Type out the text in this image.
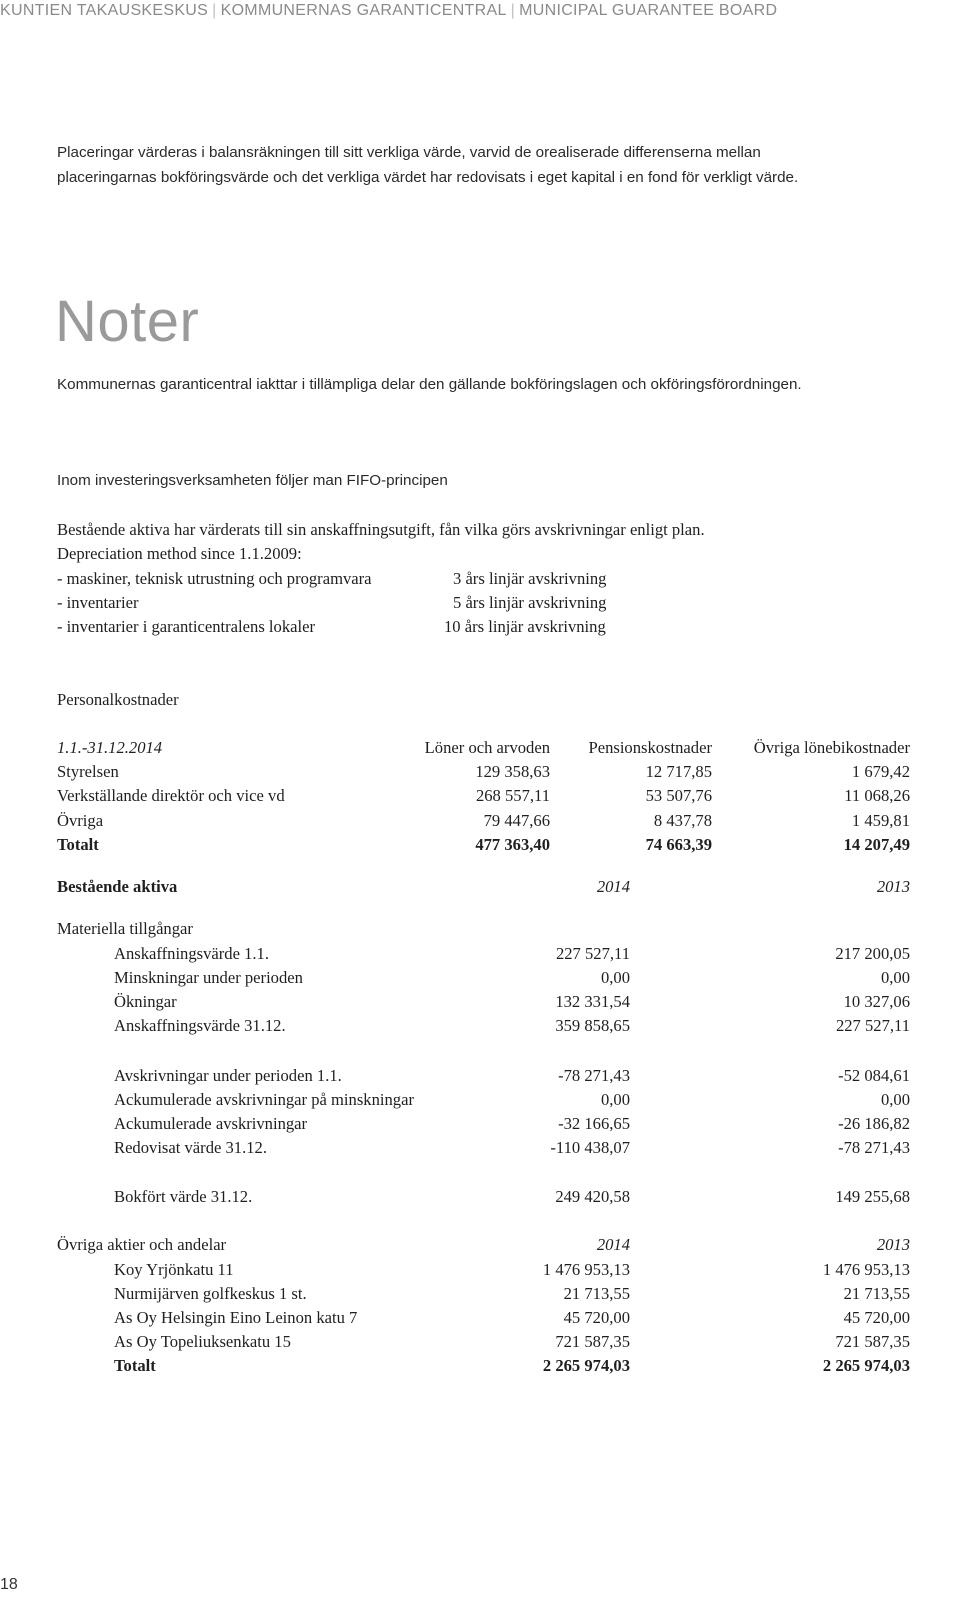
KUNTIEN TAKAUSKESKUS | KOMMUNERNAS GARANTICENTRAL | MUNICIPAL GUARANTEE BOARD
Noter
Kommunernas garanticentral iakttar i tillämpliga delar den gällande bokföringslagen och okföringsförordningen.
Placeringar värderas i balansräkningen till sitt verkliga värde, varvid de orealiserade differenserna mellan
placeringarnas bokföringsvärde och det verkliga värdet har redovisats i eget kapital i en fond för verkligt värde.
Inom investeringsverksamheten följer man FIFO-principen
Bestående aktiva har värderats till sin anskaffningsutgift, fån vilka görs avskrivningar enligt plan.
Depreciation method since 1.1.2009:
- maskiner, teknisk utrustning och programvara	3 års linjär avskrivning
- inventarier	5 års linjär avskrivning
- inventarier i garanticentralens lokaler	10 års linjär avskrivning
Personalkostnader
1.1.-31.12.2014	Löner och arvoden	Pensionskostnader	Övriga lönebikostnader
Styrelsen	129 358,63	12 717,85	1 679,42
Verkställande direktör och vice vd	268 557,11	53 507,76	11 068,26
Övriga	79 447,66	8 437,78	1 459,81
Totalt	477 363,40	74 663,39	14 207,49
Bestående aktiva	2014	2013
Materiella tillgångar
Anskaffningsvärde 1.1.	227 527,11	217 200,05
Minskningar under perioden	0,00	0,00
Ökningar	132 331,54	10 327,06
Anskaffningsvärde 31.12.	359 858,65	227 527,11
Avskrivningar under perioden 1.1.	-78 271,43	-52 084,61
Ackumulerade avskrivningar på minskningar	0,00	0,00
Ackumulerade avskrivningar	-32 166,65	-26 186,82
Redovisat värde 31.12.	-110 438,07	-78 271,43
Bokfört värde 31.12.	249 420,58	149 255,68
Övriga aktier och andelar	2014	2013
Koy Yrjönkatu 11	1 476 953,13	1 476 953,13
Nurmijärven golfkeskus 1 st.	21 713,55	21 713,55
As Oy Helsingin Eino Leinon katu 7	45 720,00	45 720,00
As Oy Topeliuksenkatu 15	721 587,35	721 587,35
Totalt	2 265 974,03	2 265 974,03
18
